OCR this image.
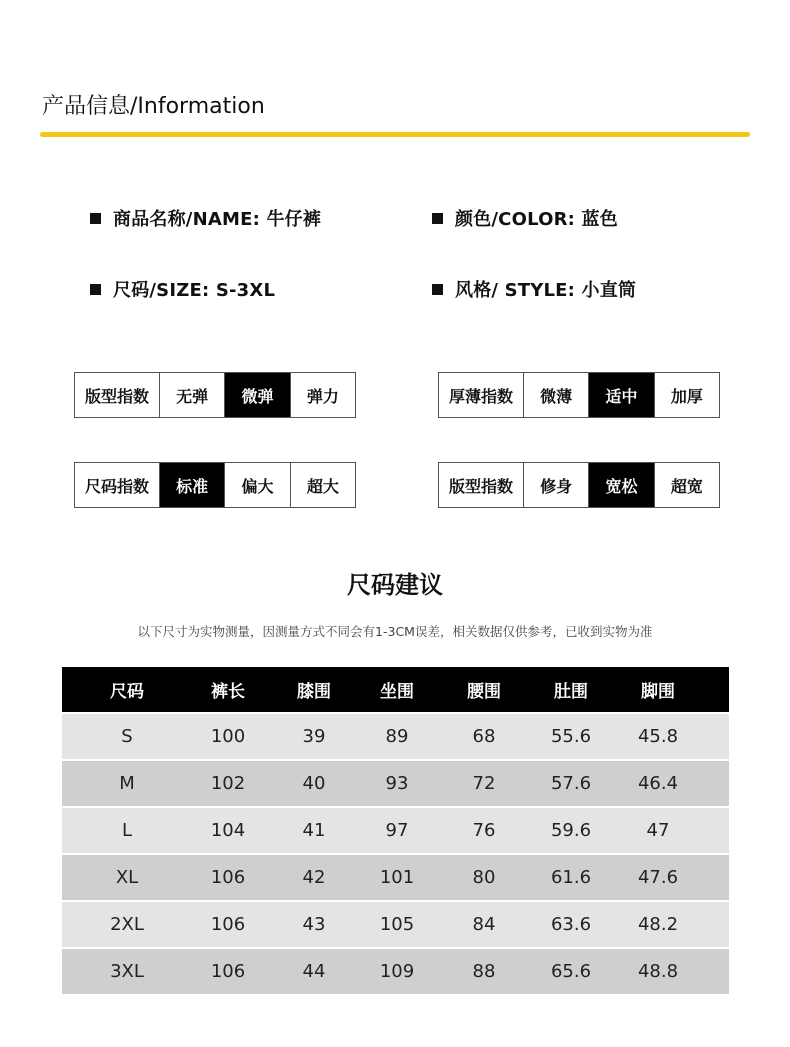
产品信息/Information
商品名称/NAME: 牛仔裤	颜色/COLOR: 蓝色
尺码/SIZE: S-3XL	风格/ STYLE: 小直筒
版型指数	无弹	微弹	弹力	厚薄指数	微薄	适中	加厚
尺码指数	标准	偏大	超大	版型指数	修身	宽松	超宽
尺码建议
以下尺寸为实物测量，因测量方式不同会有1-3CM误差，相关数据仅供参考，已收到实物为准
尺码	裤长	膝围	坐围	腰围	肚围	脚围
S	100	39	89	68	55.6	45.8
M	102	40	93	72	57.6	46.4
L	104	41	97	76	59.6	47
XL	106	42	101	80	61.6	47.6
2XL	106	43	105	84	63.6	48.2
3XL	106	44	109	88	65.6	48.8
